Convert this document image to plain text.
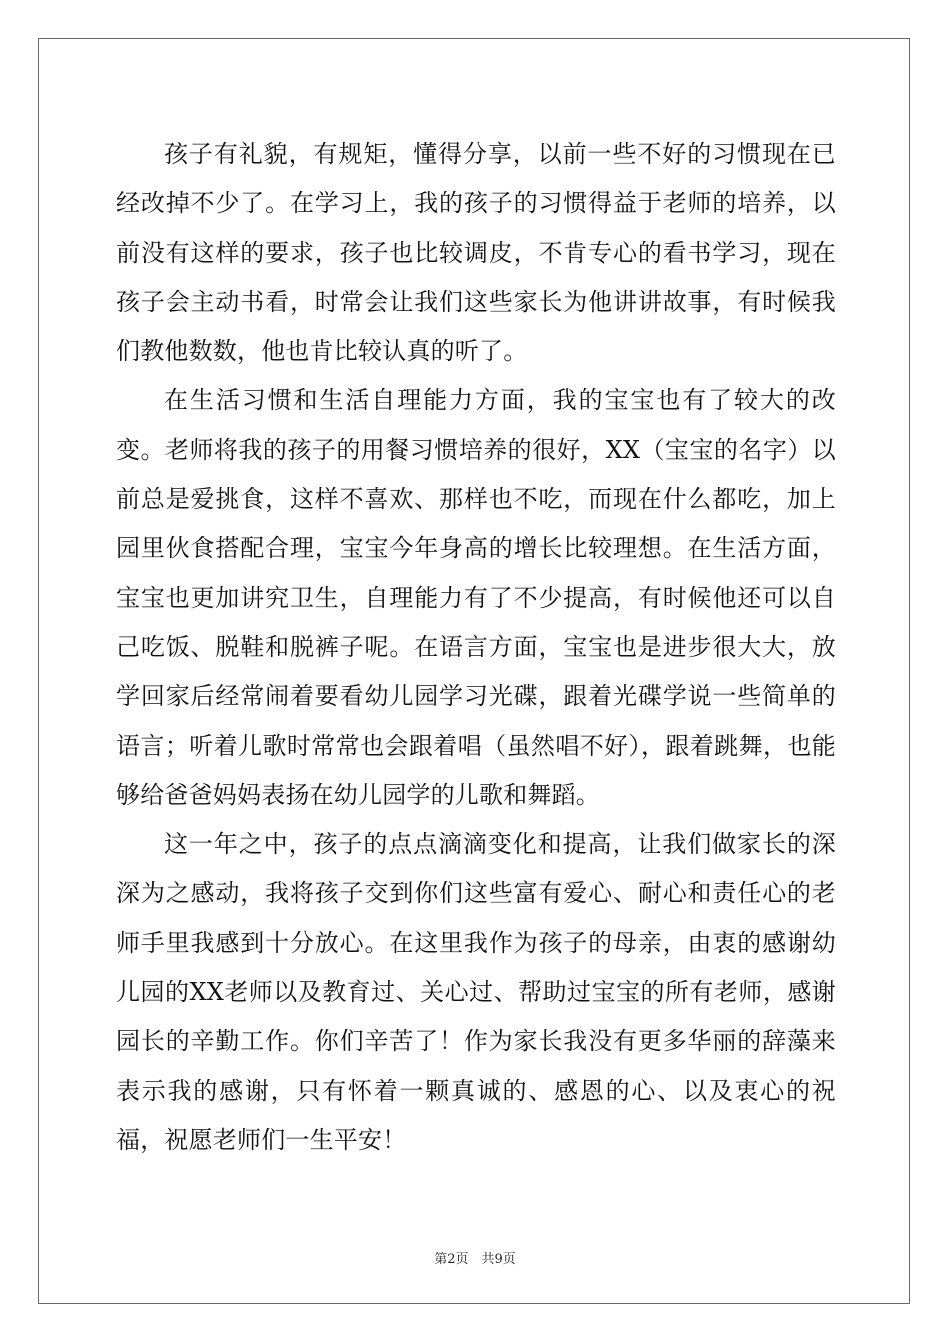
孩子有礼貌，有规矩，懂得分享，以前一些不好的习惯现在已经改掉不少了。在学习上，我的孩子的习惯得益于老师的培养，以前没有这样的要求，孩子也比较调皮，不肯专心的看书学习，现在孩子会主动书看，时常会让我们这些家长为他讲讲故事，有时候我们教他数数，他也肯比较认真的听了。

在生活习惯和生活自理能力方面，我的宝宝也有了较大的改变。老师将我的孩子的用餐习惯培养的很好，XX（宝宝的名字）以前总是爱挑食，这样不喜欢、那样也不吃，而现在什么都吃，加上园里伙食搭配合理，宝宝今年身高的增长比较理想。在生活方面，宝宝也更加讲究卫生，自理能力有了不少提高，有时候他还可以自己吃饭、脱鞋和脱裤子呢。在语言方面，宝宝也是进步很大大，放学回家后经常闹着要看幼儿园学习光碟，跟着光碟学说一些简单的语言；听着儿歌时常常也会跟着唱（虽然唱不好），跟着跳舞，也能够给爸爸妈妈表扬在幼儿园学的儿歌和舞蹈。

这一年之中，孩子的点点滴滴变化和提高，让我们做家长的深深为之感动，我将孩子交到你们这些富有爱心、耐心和责任心的老师手里我感到十分放心。在这里我作为孩子的母亲，由衷的感谢幼儿园的XX老师以及教育过、关心过、帮助过宝宝的所有老师，感谢园长的辛勤工作。你们辛苦了！作为家长我没有更多华丽的辞藻来表示我的感谢，只有怀着一颗真诚的、感恩的心、以及衷心的祝福，祝愿老师们一生平安！

第2页　共9页
